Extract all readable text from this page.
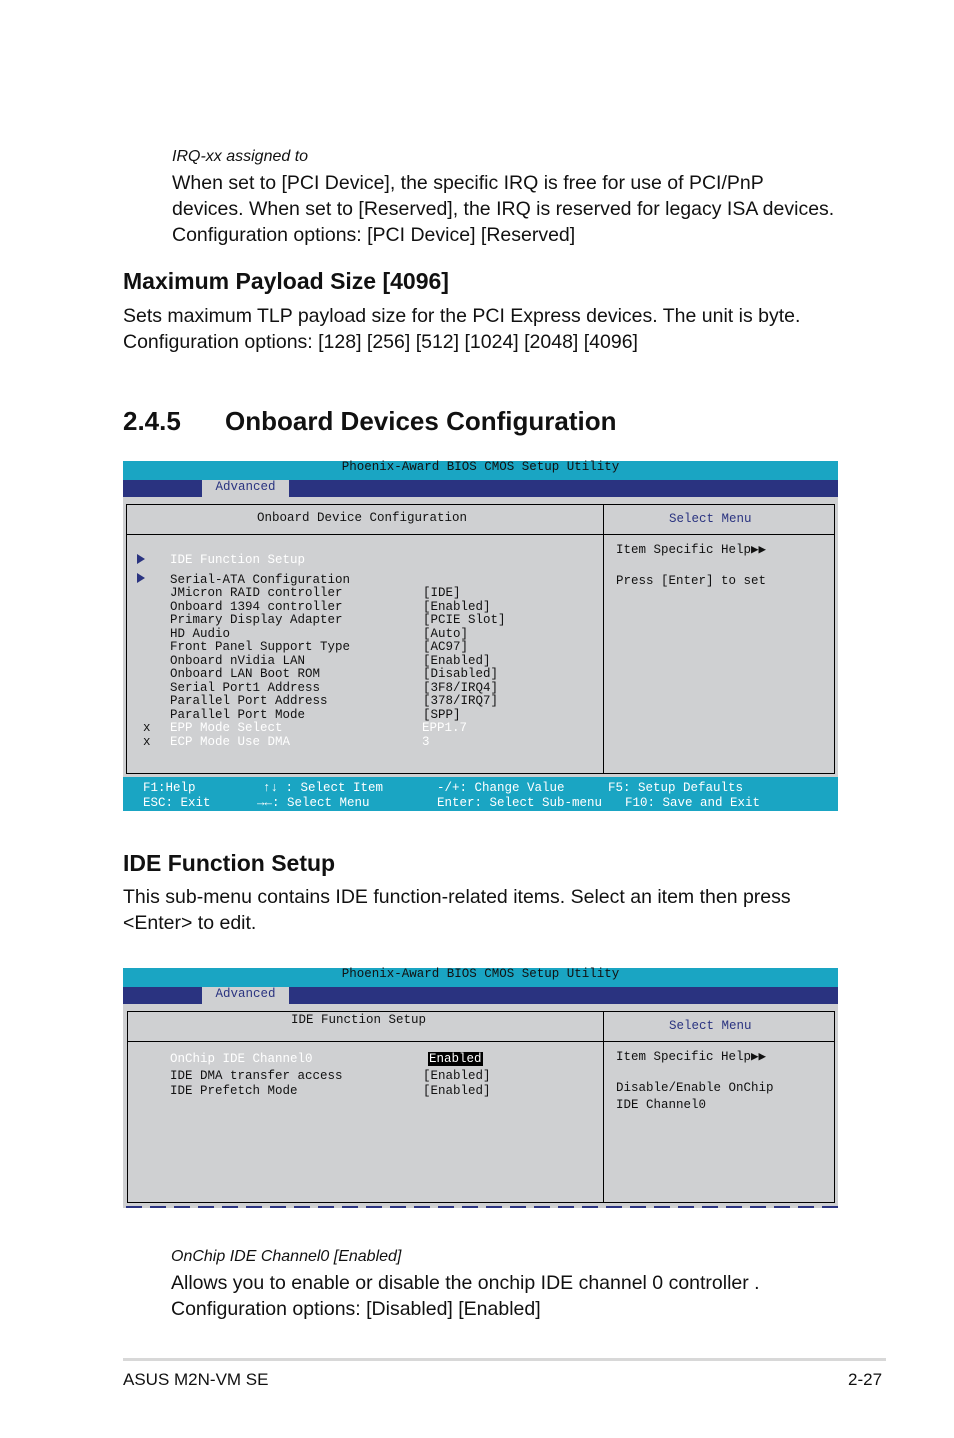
IRQ-xx assigned to
When set to [PCI Device], the specific IRQ is free for use of PCI/PnP
devices. When set to [Reserved], the IRQ is reserved for legacy ISA devices.
Configuration options: [PCI Device] [Reserved]
Maximum Payload Size [4096]
Sets maximum TLP payload size for the PCI Express devices. The unit is byte.
Configuration options: [128] [256] [512] [1024] [2048] [4096]
2.4.5 Onboard Devices Configuration
Phoenix-Award BIOS CMOS Setup Utility
Advanced
Onboard Device Configuration	Select Menu
Item Specific Help▶▶
Press [Enter] to set
IDE Function Setup
Serial-ATA Configuration
JMicron RAID controller	[IDE]
Onboard 1394 controller	[Enabled]
Primary Display Adapter	[PCIE Slot]
HD Audio	[Auto]
Front Panel Support Type	[AC97]
Onboard nVidia LAN	[Enabled]
Onboard LAN Boot ROM	[Disabled]
Serial Port1 Address	[3F8/IRQ4]
Parallel Port Address	[378/IRQ7]
Parallel Port Mode	[SPP]
x EPP Mode Select	EPP1.7
x ECP Mode Use DMA	3
F1:Help	↑↓ : Select Item	-/+: Change Value	F5: Setup Defaults
ESC: Exit	→←: Select Menu	Enter: Select Sub-menu F10: Save and Exit
IDE Function Setup
This sub-menu contains IDE function-related items. Select an item then press
<Enter> to edit.
Phoenix-Award BIOS CMOS Setup Utility
Advanced
IDE Function Setup	Select Menu
Item Specific Help▶▶
Disable/Enable OnChip
IDE Channel0
OnChip IDE Channel0	Enabled
IDE DMA transfer access	[Enabled]
IDE Prefetch Mode	[Enabled]
OnChip IDE Channel0 [Enabled]
Allows you to enable or disable the onchip IDE channel 0 controller .
Configuration options: [Disabled] [Enabled]
ASUS M2N-VM SE	2-27
